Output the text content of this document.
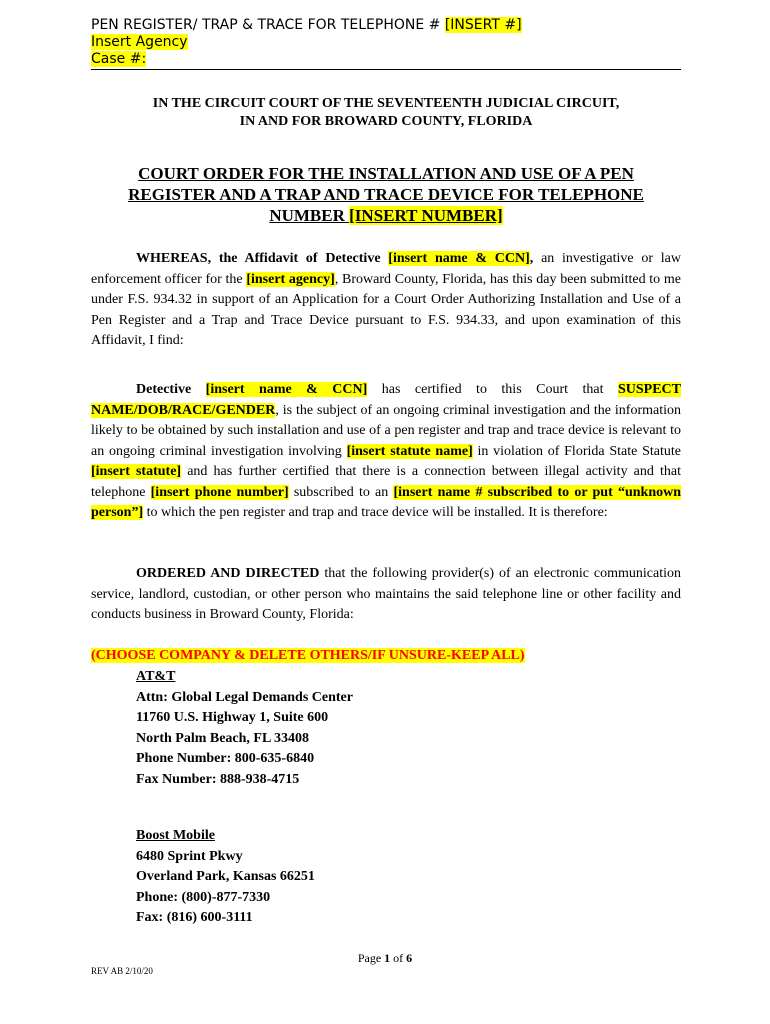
PEN REGISTER/ TRAP & TRACE FOR TELEPHONE # [INSERT #]
Insert Agency
Case #:
IN THE CIRCUIT COURT OF THE SEVENTEENTH JUDICIAL CIRCUIT,
IN AND FOR BROWARD COUNTY, FLORIDA
COURT ORDER FOR THE INSTALLATION AND USE OF A PEN
REGISTER AND A TRAP AND TRACE DEVICE FOR TELEPHONE
NUMBER [INSERT NUMBER]
WHEREAS, the Affidavit of Detective [insert name & CCN], an investigative or law enforcement officer for the [insert agency], Broward County, Florida, has this day been submitted to me under F.S. 934.32 in support of an Application for a Court Order Authorizing Installation and Use of a Pen Register and a Trap and Trace Device pursuant to F.S. 934.33, and upon examination of this Affidavit, I find:
Detective [insert name & CCN] has certified to this Court that SUSPECT NAME/DOB/RACE/GENDER, is the subject of an ongoing criminal investigation and the information likely to be obtained by such installation and use of a pen register and trap and trace device is relevant to an ongoing criminal investigation involving [insert statute name] in violation of Florida State Statute [insert statute] and has further certified that there is a connection between illegal activity and that telephone [insert phone number] subscribed to an [insert name # subscribed to or put “unknown person”] to which the pen register and trap and trace device will be installed. It is therefore:
ORDERED AND DIRECTED that the following provider(s) of an electronic communication service, landlord, custodian, or other person who maintains the said telephone line or other facility and conducts business in Broward County, Florida:
(CHOOSE COMPANY & DELETE OTHERS/IF UNSURE-KEEP ALL)
AT&T
Attn: Global Legal Demands Center
11760 U.S. Highway 1, Suite 600
North Palm Beach, FL 33408
Phone Number: 800-635-6840
Fax Number: 888-938-4715
Boost Mobile
6480 Sprint Pkwy
Overland Park, Kansas 66251
Phone: (800)-877-7330
Fax: (816) 600-3111
Page 1 of 6
REV AB 2/10/20
